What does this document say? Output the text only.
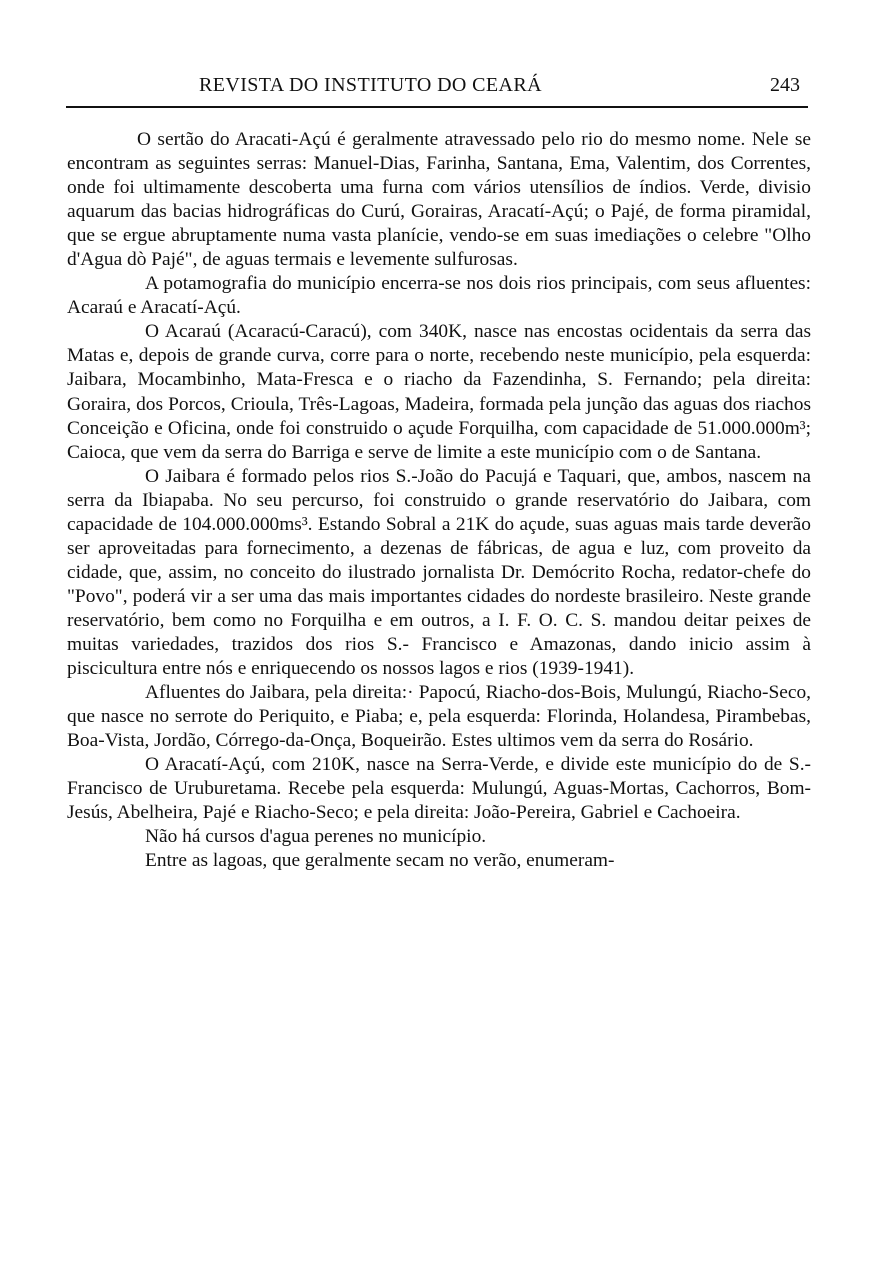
REVISTA DO INSTITUTO DO CEARÁ	243

O sertão do Aracati-Açú é geralmente atravessado pelo rio do mesmo nome. Nele se encontram as seguintes serras: Manuel-Dias, Farinha, Santana, Ema, Valentim, dos Correntes, onde foi ultimamente descoberta uma furna com vários utensílios de índios. Verde, divisio aquarum das bacias hidrográficas do Curú, Gorairas, Aracatí-Açú; o Pajé, de forma piramidal, que se ergue abruptamente numa vasta planície, vendo-se em suas imediações o celebre "Olho d'Agua dò Pajé", de aguas termais e levemente sulfurosas.

A potamografia do município encerra-se nos dois rios principais, com seus afluentes: Acaraú e Aracatí-Açú.

O Acaraú (Acaracú-Caracú), com 340K, nasce nas encostas ocidentais da serra das Matas e, depois de grande curva, corre para o norte, recebendo neste município, pela esquerda: Jaibara, Mocambinho, Mata-Fresca e o riacho da Fazendinha, S. Fernando; pela direita: Goraira, dos Porcos, Crioula, Três-Lagoas, Madeira, formada pela junção das aguas dos riachos Conceição e Oficina, onde foi construido o açude Forquilha, com capacidade de 51.000.000m³; Caioca, que vem da serra do Barriga e serve de limite a este município com o de Santana.

O Jaibara é formado pelos rios S.-João do Pacujá e Taquari, que, ambos, nascem na serra da Ibiapaba. No seu percurso, foi construido o grande reservatório do Jaibara, com capacidade de 104.000.000ms³. Estando Sobral a 21K do açude, suas aguas mais tarde deverão ser aproveitadas para fornecimento, a dezenas de fábricas, de agua e luz, com proveito da cidade, que, assim, no conceito do ilustrado jornalista Dr. Demócrito Rocha, redator-chefe do "Povo", poderá vir a ser uma das mais importantes cidades do nordeste brasileiro. Neste grande reservatório, bem como no Forquilha e em outros, a I. F. O. C. S. mandou deitar peixes de muitas variedades, trazidos dos rios S.- Francisco e Amazonas, dando inicio assim à piscicultura entre nós e enriquecendo os nossos lagos e rios (1939-1941).

Afluentes do Jaibara, pela direita:· Papocú, Riacho-dos-Bois, Mulungú, Riacho-Seco, que nasce no serrote do Periquito, e Piaba; e, pela esquerda: Florinda, Holandesa, Pirambebas, Boa-Vista, Jordão, Córrego-da-Onça, Boqueirão. Estes ultimos vem da serra do Rosário.

O Aracatí-Açú, com 210K, nasce na Serra-Verde, e divide este município do de S.-Francisco de Uruburetama. Recebe pela esquerda: Mulungú, Aguas-Mortas, Cachorros, Bom-Jesús, Abelheira, Pajé e Riacho-Seco; e pela direita: João-Pereira, Gabriel e Cachoeira.

Não há cursos d'agua perenes no município.

Entre as lagoas, que geralmente secam no verão, enumeram-
